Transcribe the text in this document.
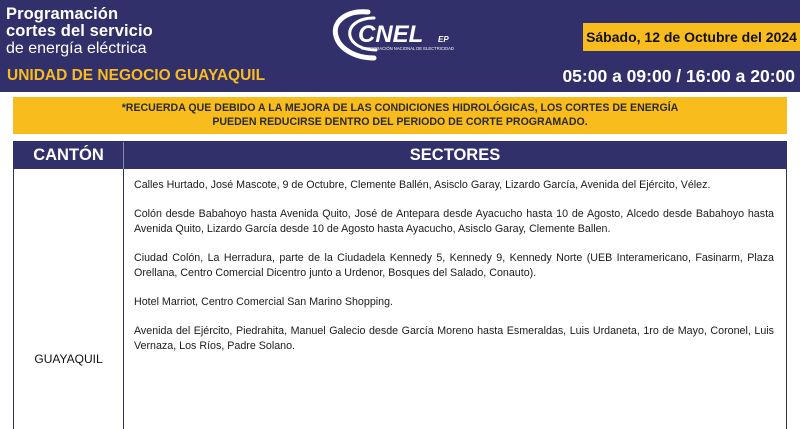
Programación
cortes del servicio
de energía eléctrica
CNEL EP
CORPORACIÓN NACIONAL DE ELECTRICIDAD
Sábado, 12 de Octubre del 2024
UNIDAD DE NEGOCIO GUAYAQUIL	05:00 a 09:00 / 16:00 a 20:00
*RECUERDA QUE DEBIDO A LA MEJORA DE LAS CONDICIONES HIDROLÓGICAS, LOS CORTES DE ENERGÍA
PUEDEN REDUCIRSE DENTRO DEL PERIODO DE CORTE PROGRAMADO.
CANTÓN	SECTORES
GUAYAQUIL

Calles Hurtado, José Mascote, 9 de Octubre, Clemente Ballén, Asisclo Garay, Lizardo García, Avenida del Ejército, Vélez.

Colón desde Babahoyo hasta Avenida Quito, José de Antepara desde Ayacucho hasta 10 de Agosto, Alcedo desde Babahoyo hasta Avenida Quito, Lizardo García desde 10 de Agosto hasta Ayacucho, Asisclo Garay, Clemente Ballen.

Ciudad Colón, La Herradura, parte de la Ciudadela Kennedy 5, Kennedy 9, Kennedy Norte (UEB Interamericano, Fasinarm, Plaza Orellana, Centro Comercial Dicentro junto a Urdenor, Bosques del Salado, Conauto).

Hotel Marriot, Centro Comercial San Marino Shopping.

Avenida del Ejército, Piedrahita, Manuel Galecio desde García Moreno hasta Esmeraldas, Luis Urdaneta, 1ro de Mayo, Coronel, Luis Vernaza, Los Ríos, Padre Solano.
